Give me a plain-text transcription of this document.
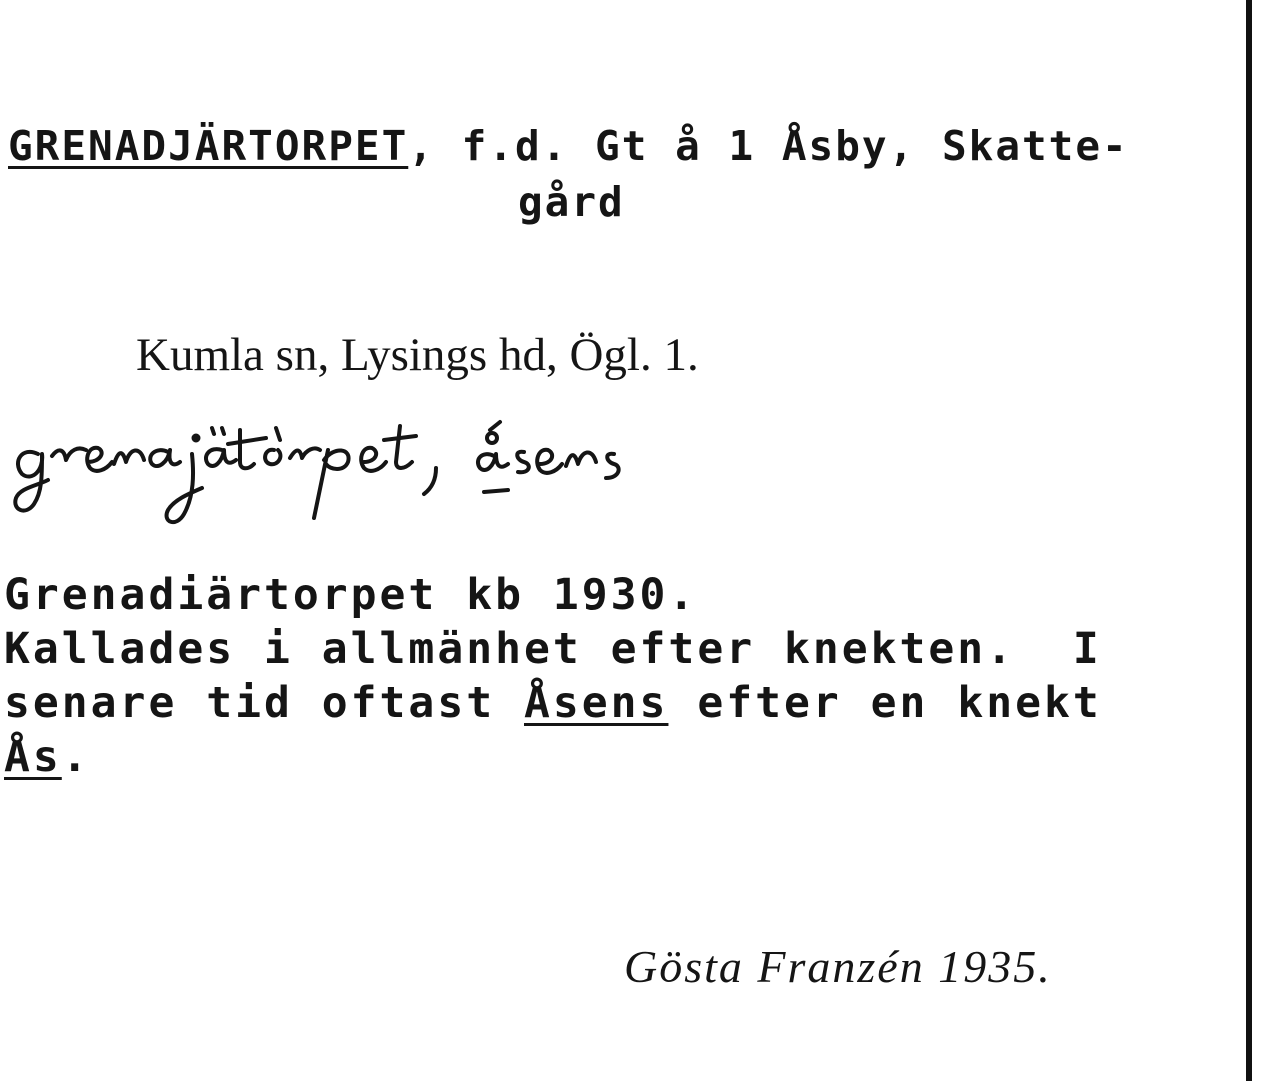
GRENADJÄRTORPET, f.d. Gt å 1 Åsby, Skatte-
gård
Kumla sn, Lysings hd, Ögl. 1.
Grenadiärtorpet kb 1930.
Kallades i allmänhet efter knekten.  I
senare tid oftast Åsens efter en knekt
Ås.
Gösta Franzén 1935.
